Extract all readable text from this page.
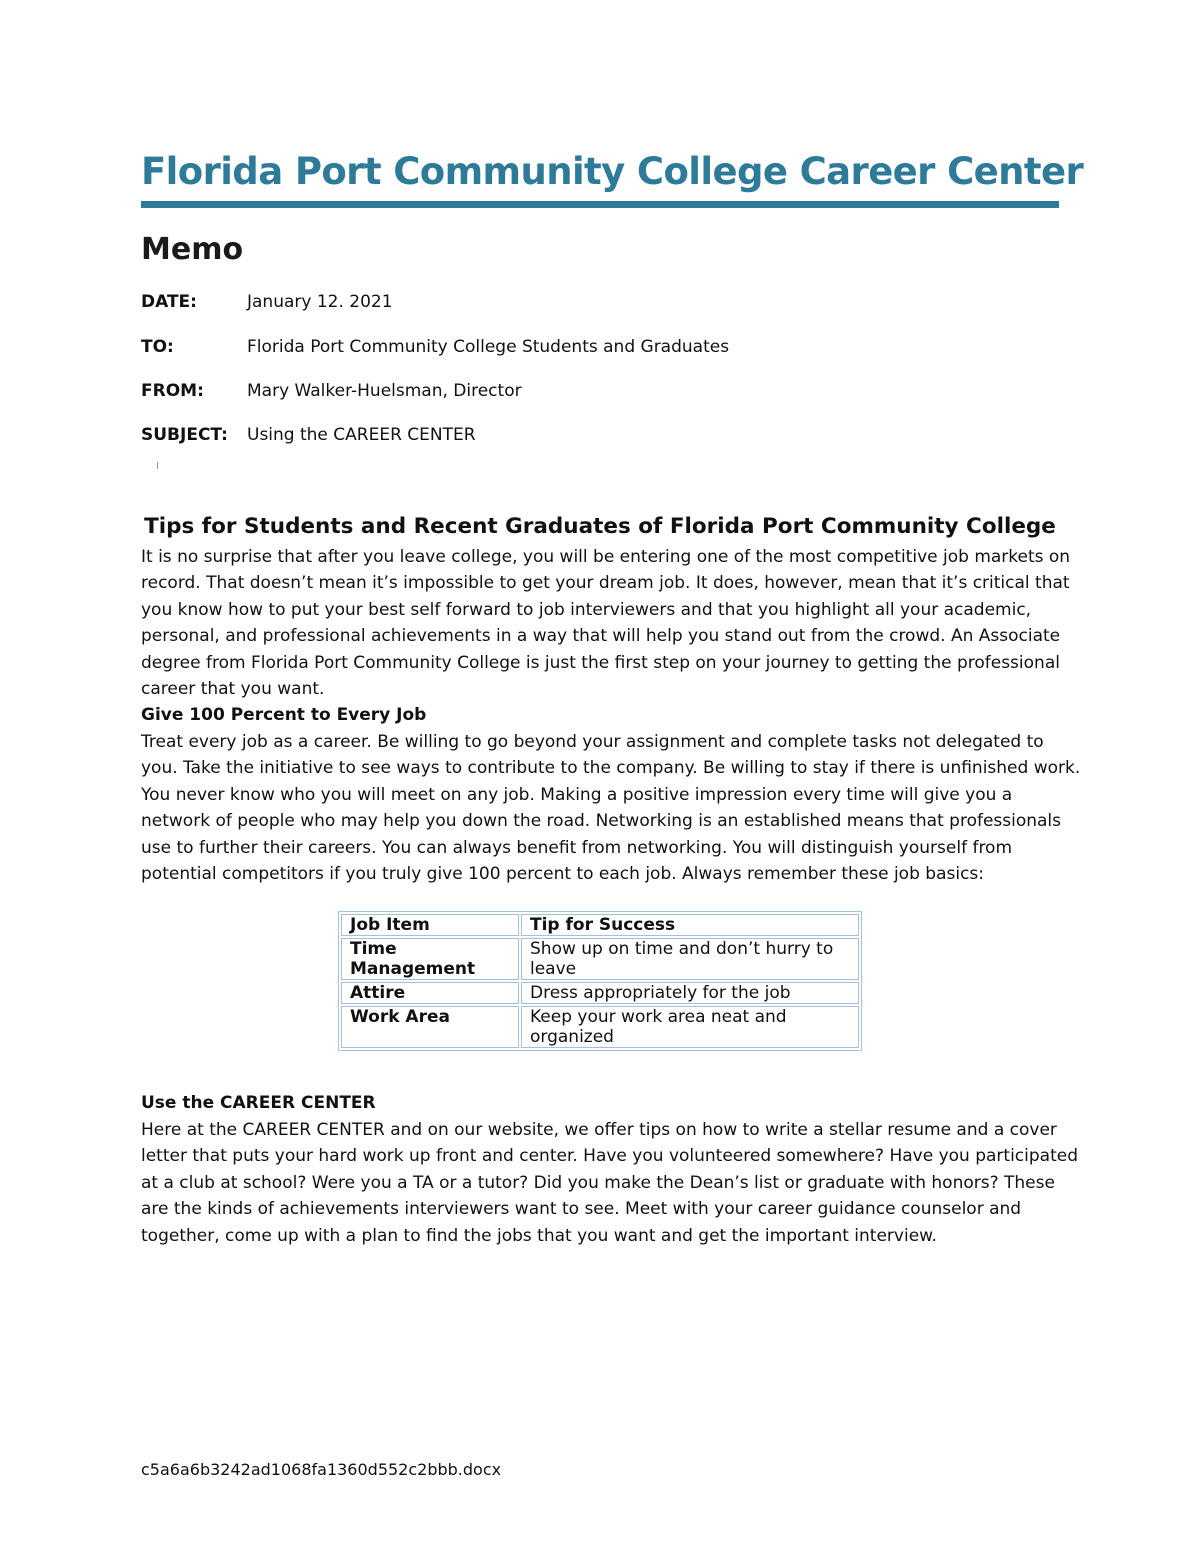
Florida Port Community College Career Center
Memo
DATE:	January 12. 2021
TO:	Florida Port Community College Students and Graduates
FROM:	Mary Walker-Huelsman, Director
SUBJECT: Using the CAREER CENTER
Tips for Students and Recent Graduates of Florida Port Community College

It is no surprise that after you leave college, you will be entering one of the most competitive job markets on record. That doesn’t mean it’s impossible to get your dream job. It does, however, mean that it’s critical that you know how to put your best self forward to job interviewers and that you highlight all your academic, personal, and professional achievements in a way that will help you stand out from the crowd. An Associate degree from Florida Port Community College is just the first step on your journey to getting the professional career that you want.

Give 100 Percent to Every Job

Treat every job as a career. Be willing to go beyond your assignment and complete tasks not delegated to you. Take the initiative to see ways to contribute to the company. Be willing to stay if there is unfinished work. You never know who you will meet on any job. Making a positive impression every time will give you a network of people who may help you down the road. Networking is an established means that professionals use to further their careers. You can always benefit from networking. You will distinguish yourself from potential competitors if you truly give 100 percent to each job. Always remember these job basics:

Job Item	Tip for Success
Time Management	Show up on time and don’t hurry to leave
Attire	Dress appropriately for the job
Work Area	Keep your work area neat and organized

Use the CAREER CENTER

Here at the CAREER CENTER and on our website, we offer tips on how to write a stellar resume and a cover letter that puts your hard work up front and center. Have you volunteered somewhere? Have you participated at a club at school? Were you a TA or a tutor? Did you make the Dean’s list or graduate with honors? These are the kinds of achievements interviewers want to see. Meet with your career guidance counselor and together, come up with a plan to find the jobs that you want and get the important interview.

c5a6a6b3242ad1068fa1360d552c2bbb.docx
